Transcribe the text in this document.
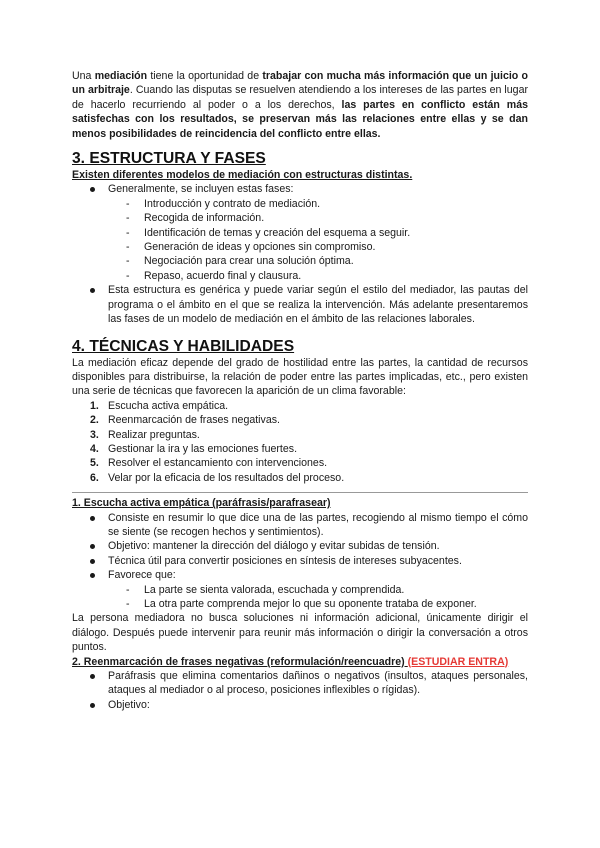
Una mediación tiene la oportunidad de trabajar con mucha más información que un juicio o un arbitraje. Cuando las disputas se resuelven atendiendo a los intereses de las partes en lugar de hacerlo recurriendo al poder o a los derechos, las partes en conflicto están más satisfechas con los resultados, se preservan más las relaciones entre ellas y se dan menos posibilidades de reincidencia del conflicto entre ellas.

3. ESTRUCTURA Y FASES
Existen diferentes modelos de mediación con estructuras distintas.
Generalmente, se incluyen estas fases:
- Introducción y contrato de mediación.
- Recogida de información.
- Identificación de temas y creación del esquema a seguir.
- Generación de ideas y opciones sin compromiso.
- Negociación para crear una solución óptima.
- Repaso, acuerdo final y clausura.
Esta estructura es genérica y puede variar según el estilo del mediador, las pautas del programa o el ámbito en el que se realiza la intervención. Más adelante presentaremos las fases de un modelo de mediación en el ámbito de las relaciones laborales.
4. TÉCNICAS Y HABILIDADES

La mediación eficaz depende del grado de hostilidad entre las partes, la cantidad de recursos disponibles para distribuirse, la relación de poder entre las partes implicadas, etc., pero existen una serie de técnicas que favorecen la aparición de un clima favorable:

1. Escucha activa empática.
2. Reenmarcación de frases negativas.
3. Realizar preguntas.
4. Gestionar la ira y las emociones fuertes.
5. Resolver el estancamiento con intervenciones.
6. Velar por la eficacia de los resultados del proceso.
1. Escucha activa empática (paráfrasis/parafrasear)
Consiste en resumir lo que dice una de las partes, recogiendo al mismo tiempo el cómo se siente (se recogen hechos y sentimientos).
Objetivo: mantener la dirección del diálogo y evitar subidas de tensión.
Técnica útil para convertir posiciones en síntesis de intereses subyacentes.
Favorece que:
- La parte se sienta valorada, escuchada y comprendida.
- La otra parte comprenda mejor lo que su oponente trataba de exponer.

La persona mediadora no busca soluciones ni información adicional, únicamente dirigir el diálogo. Después puede intervenir para reunir más información o dirigir la conversación a otros puntos.

2. Reenmarcación de frases negativas (reformulación/reencuadre) (ESTUDIAR ENTRA)

Paráfrasis que elimina comentarios dañinos o negativos (insultos, ataques personales, ataques al mediador o al proceso, posiciones inflexibles o rígidas).
Objetivo:
